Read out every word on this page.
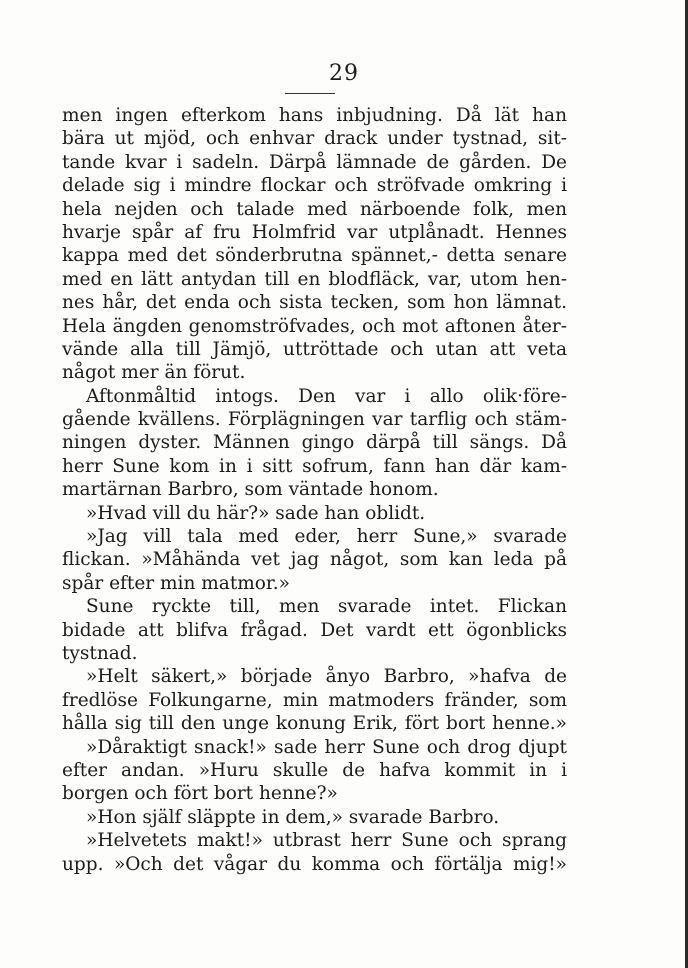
29
men ingen efterkom hans inbjudning. Då lät han
bära ut mjöd, och enhvar drack under tystnad, sit-
tande kvar i sadeln. Därpå lämnade de gården. De
delade sig i mindre flockar och ströfvade omkring i
hela nejden och talade med närboende folk, men
hvarje spår af fru Holmfrid var utplånadt. Hennes
kappa med det sönderbrutna spännet,- detta senare
med en lätt antydan till en blodfläck, var, utom hen-
nes hår, det enda och sista tecken, som hon lämnat.
Hela ängden genomströfvades, och mot aftonen åter-
vände alla till Jämjö, uttröttade och utan att veta
något mer än förut.
Aftonmåltid intogs. Den var i allo olik·före-
gående kvällens. Förplägningen var tarflig och stäm-
ningen dyster. Männen gingo därpå till sängs. Då
herr Sune kom in i sitt sofrum, fann han där kam-
martärnan Barbro, som väntade honom.
»Hvad vill du här?» sade han oblidt.
»Jag vill tala med eder, herr Sune,» svarade
flickan. »Måhända vet jag något, som kan leda på
spår efter min matmor.»
Sune ryckte till, men svarade intet. Flickan
bidade att blifva frågad. Det vardt ett ögonblicks
tystnad.
»Helt säkert,» började ånyo Barbro, »hafva de
fredlöse Folkungarne, min matmoders fränder, som
hålla sig till den unge konung Erik, fört bort henne.»
»Dåraktigt snack!» sade herr Sune och drog djupt
efter andan. »Huru skulle de hafva kommit in i
borgen och fört bort henne?»
»Hon själf släppte in dem,» svarade Barbro.
»Helvetets makt!» utbrast herr Sune och sprang
upp. »Och det vågar du komma och förtälja mig!»
